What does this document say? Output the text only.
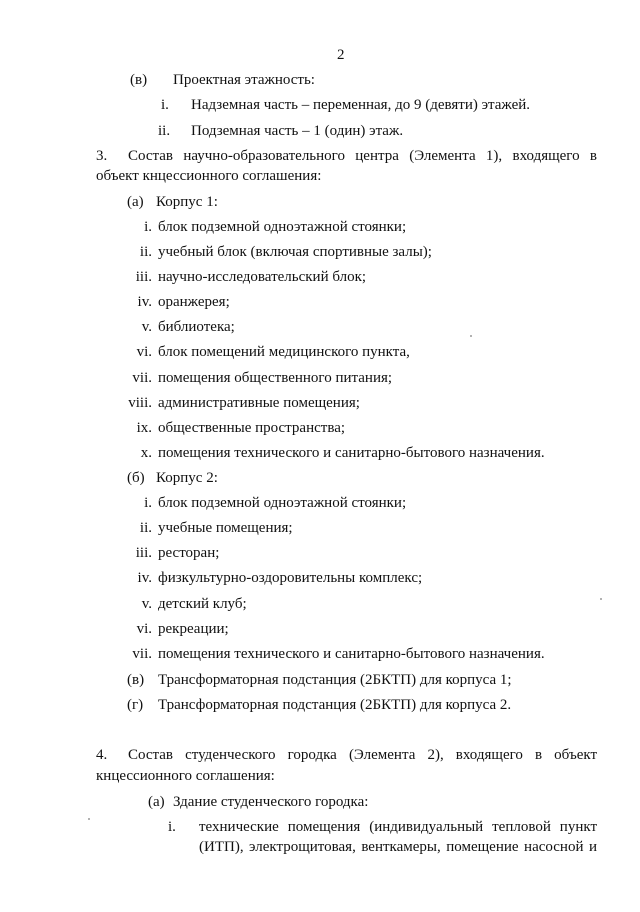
2
(в) Проектная этажность:
i. Надземная часть – переменная, до 9 (девяти) этажей.
ii. Подземная часть – 1 (один) этаж.
3. Состав научно-образовательного центра (Элемента 1), входящего в
объект кнцессионного соглашения:
(а) Корпус 1:
i. блок подземной одноэтажной стоянки;
ii. учебный блок (включая спортивные залы);
iii. научно-исследовательский блок;
iv. оранжерея;
v. библиотека;
vi. блок помещений медицинского пункта,
vii. помещения общественного питания;
viii. административные помещения;
ix. общественные пространства;
x. помещения технического и санитарно-бытового назначения.
(б) Корпус 2:
i. блок подземной одноэтажной стоянки;
ii. учебные помещения;
iii. ресторан;
iv. физкультурно-оздоровительны комплекс;
v. детский клуб;
vi. рекреации;
vii. помещения технического и санитарно-бытового назначения.
(в) Трансформаторная подстанция (2БКТП) для корпуса 1;
(г) Трансформаторная подстанция (2БКТП) для корпуса 2.
4. Состав студенческого городка (Элемента 2), входящего в объект
кнцессионного соглашения:
(а) Здание студенческого городка:
i. технические помещения (индивидуальный тепловой пункт
(ИТП), электрощитовая, венткамеры, помещение насосной и
